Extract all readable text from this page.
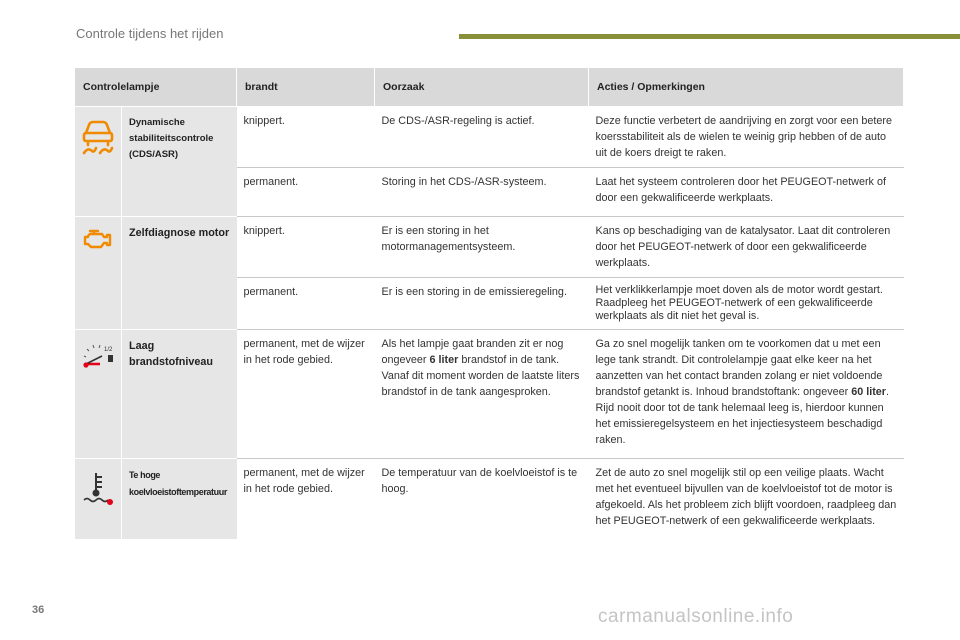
Controle tijdens het rijden
Controlelampje		brandt	Oorzaak	Acties / Opmerkingen
	Dynamische stabiliteitscontrole (CDS/ASR)	knippert.	De CDS-/ASR-regeling is actief.	Deze functie verbetert de aandrijving en zorgt voor een betere koersstabiliteit als de wielen te weinig grip hebben of de auto uit de koers dreigt te raken.
		permanent.	Storing in het CDS-/ASR-systeem.	Laat het systeem controleren door het PEUGEOT-netwerk of door een gekwalificeerde werkplaats.
	Zelfdiagnose motor	knippert.	Er is een storing in het motormanagementsysteem.	Kans op beschadiging van de katalysator. Laat dit controleren door het PEUGEOT-netwerk of door een gekwalificeerde werkplaats.
		permanent.	Er is een storing in de emissieregeling.	Het verklikkerlampje moet doven als de motor wordt gestart. Raadpleeg het PEUGEOT-netwerk of een gekwalificeerde werkplaats als dit niet het geval is.

1/2	Laag brandstofniveau	permanent, met de wijzer in het rode gebied.	Als het lampje gaat branden zit er nog ongeveer 6 liter brandstof in de tank. Vanaf dit moment worden de laatste liters brandstof in de tank aangesproken.	Ga zo snel mogelijk tanken om te voorkomen dat u met een lege tank strandt. Dit controlelampje gaat elke keer na het aanzetten van het contact branden zolang er niet voldoende brandstof getankt is. Inhoud brandstoftank: ongeveer 60 liter. Rijd nooit door tot de tank helemaal leeg is, hierdoor kunnen het emissieregelsysteem en het injectiesysteem beschadigd raken.
	Te hoge koelvloeistoftemperatuur	permanent, met de wijzer in het rode gebied.	De temperatuur van de koelvloeistof is te hoog.	Zet de auto zo snel mogelijk stil op een veilige plaats. Wacht met het eventueel bijvullen van de koelvloeistof tot de motor is afgekoeld. Als het probleem zich blijft voordoen, raadpleeg dan het PEUGEOT-netwerk of een gekwalificeerde werkplaats.
36	carmanualsonline.info
